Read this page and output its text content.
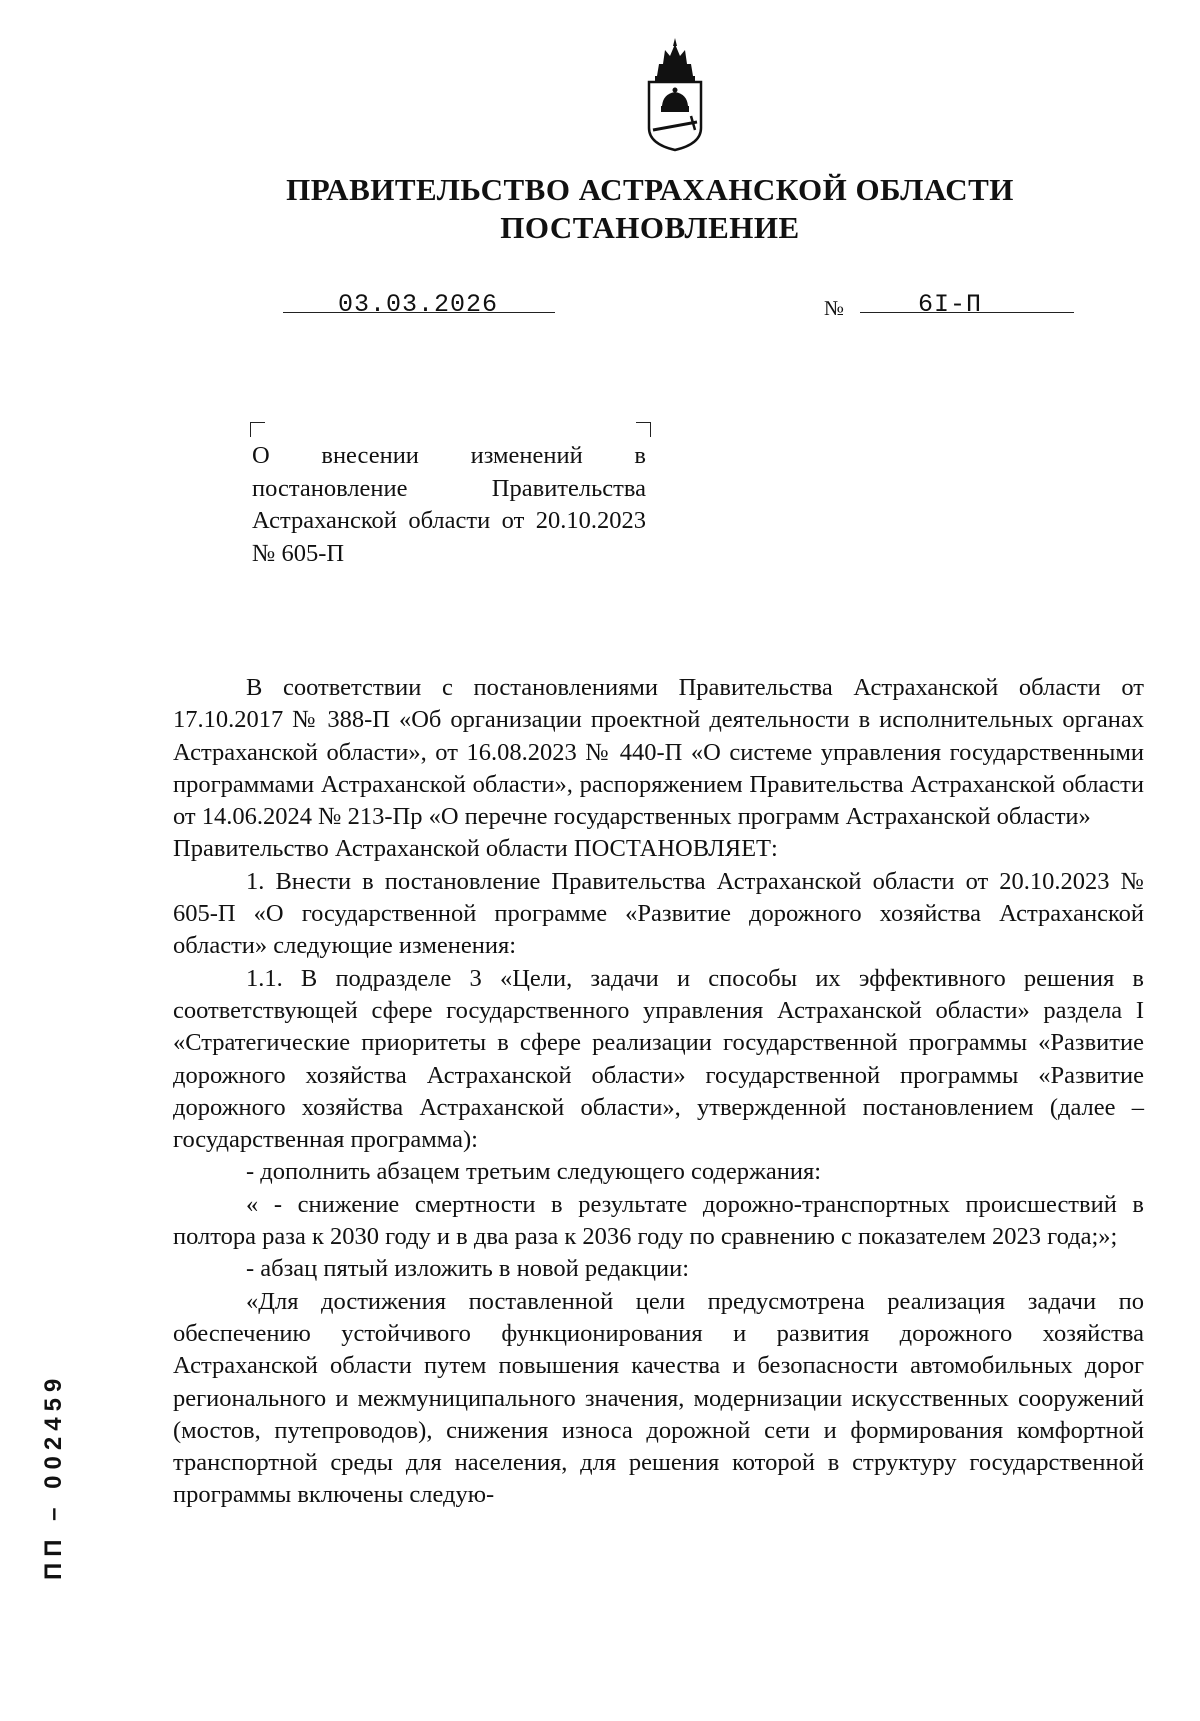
ПРАВИТЕЛЬСТВО АСТРАХАНСКОЙ ОБЛАСТИ
ПОСТАНОВЛЕНИЕ
03.03.2026	№	6I-П

О внесении изменений в постановление Правительства Астраханской области от 20.10.2023 № 605-П

В соответствии с постановлениями Правительства Астраханской области от 17.10.2017 № 388-П «Об организации проектной деятельности в исполнительных органах Астраханской области», от 16.08.2023 № 440-П «О системе управления государственными программами Астраханской области», распоряжением Правительства Астраханской области от 14.06.2024 № 213-Пр «О перечне государственных программ Астраханской области»

Правительство Астраханской области ПОСТАНОВЛЯЕТ:

1. Внести в постановление Правительства Астраханской области от 20.10.2023 № 605-П «О государственной программе «Развитие дорожного хозяйства Астраханской области» следующие изменения:

1.1. В подразделе 3 «Цели, задачи и способы их эффективного решения в соответствующей сфере государственного управления Астраханской области» раздела I «Стратегические приоритеты в сфере реализации государственной программы «Развитие дорожного хозяйства Астраханской области» государственной программы «Развитие дорожного хозяйства Астраханской области», утвержденной постановлением (далее – государственная программа):

- дополнить абзацем третьим следующего содержания:

« - снижение смертности в результате дорожно-транспортных происшествий в полтора раза к 2030 году и в два раза к 2036 году по сравнению с показателем 2023 года;»;

- абзац пятый изложить в новой редакции:

«Для достижения поставленной цели предусмотрена реализация задачи по обеспечению устойчивого функционирования и развития дорожного хозяйства Астраханской области путем повышения качества и безопасности автомобильных дорог регионального и межмуниципального значения, модернизации искусственных сооружений (мостов, путепроводов), снижения износа дорожной сети и формирования комфортной транспортной среды для населения, для решения которой в структуру государственной программы включены следую-

ПП – 002459
